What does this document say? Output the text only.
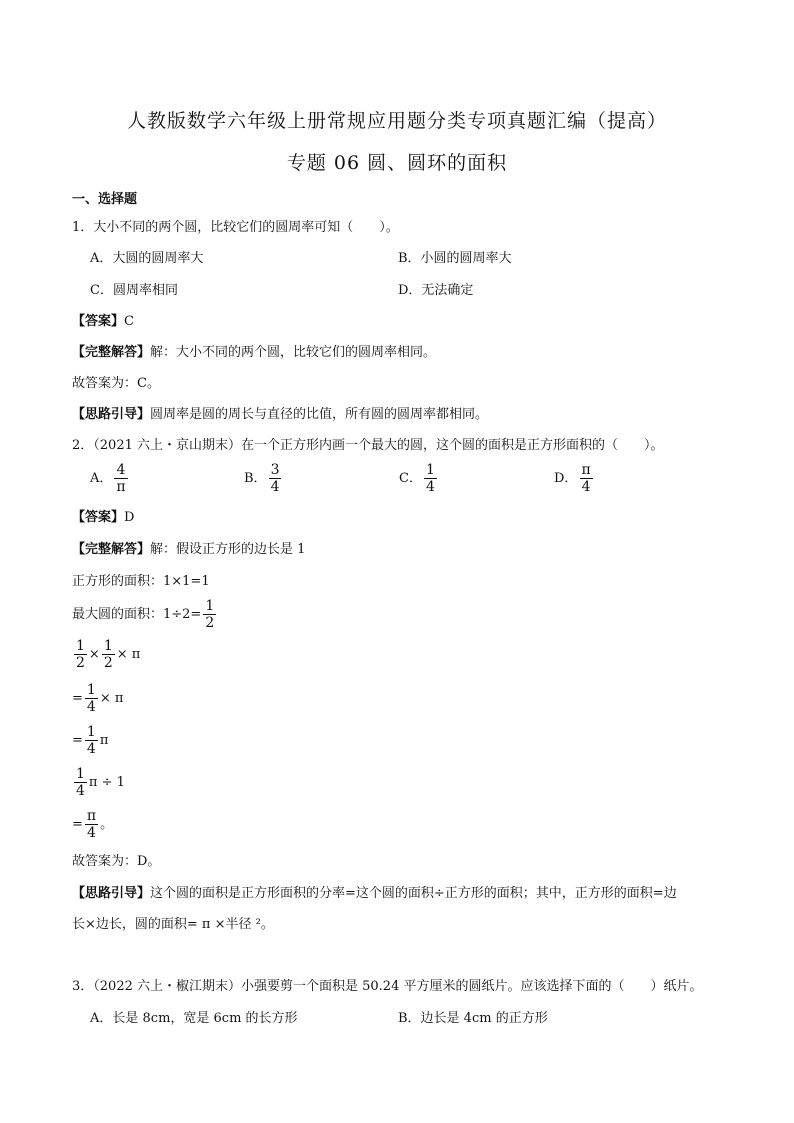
人教版数学六年级上册常规应用题分类专项真题汇编（提高）
专题 06 圆、圆环的面积
一、选择题
1．大小不同的两个圆，比较它们的圆周率可知（　　）。
A．大圆的圆周率大	B．小圆的圆周率大
C．圆周率相同	D．无法确定
【答案】C
【完整解答】解：大小不同的两个圆，比较它们的圆周率相同。
故答案为：C。
【思路引导】圆周率是圆的周长与直径的比值，所有圆的圆周率都相同。
2．（2021 六上・京山期末）在一个正方形内画一个最大的圆，这个圆的面积是正方形面积的（　　）。
A． $\frac{4}{\pi}$	B． $\frac{3}{4}$	C． $\frac{1}{4}$	D． $\frac{\pi}{4}$
【答案】D
【完整解答】解：假设正方形的边长是 1
正方形的面积：1×1=1
最大圆的面积：$1\div 2= \frac{1}{2}$
$\frac{1}{2} \times \frac{1}{2} \times \pi$
= $\frac{1}{4} \times \pi$
= $\frac{1}{4}$ π
$\frac{1}{4}$ π ÷ 1
= $\frac{\pi}{4}$ 。
故答案为：D。
【思路引导】这个圆的面积是正方形面积的分率=这个圆的面积÷正方形的面积；其中，正方形的面积=边
长×边长，圆的面积= π ×半径 ²。
3．（2022 六上・椒江期末）小强要剪一个面积是 50.24 平方厘米的圆纸片。应该选择下面的（　　）纸片。
A．长是 8cm，宽是 6cm 的长方形	B．边长是 4cm 的正方形
